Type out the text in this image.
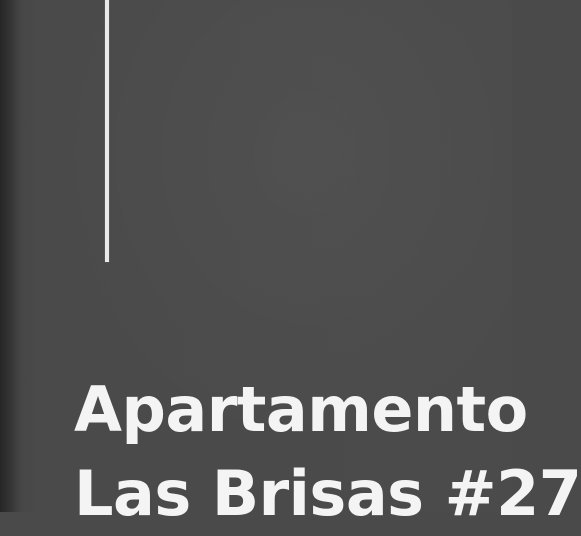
Apartamento
Las Brisas #27
